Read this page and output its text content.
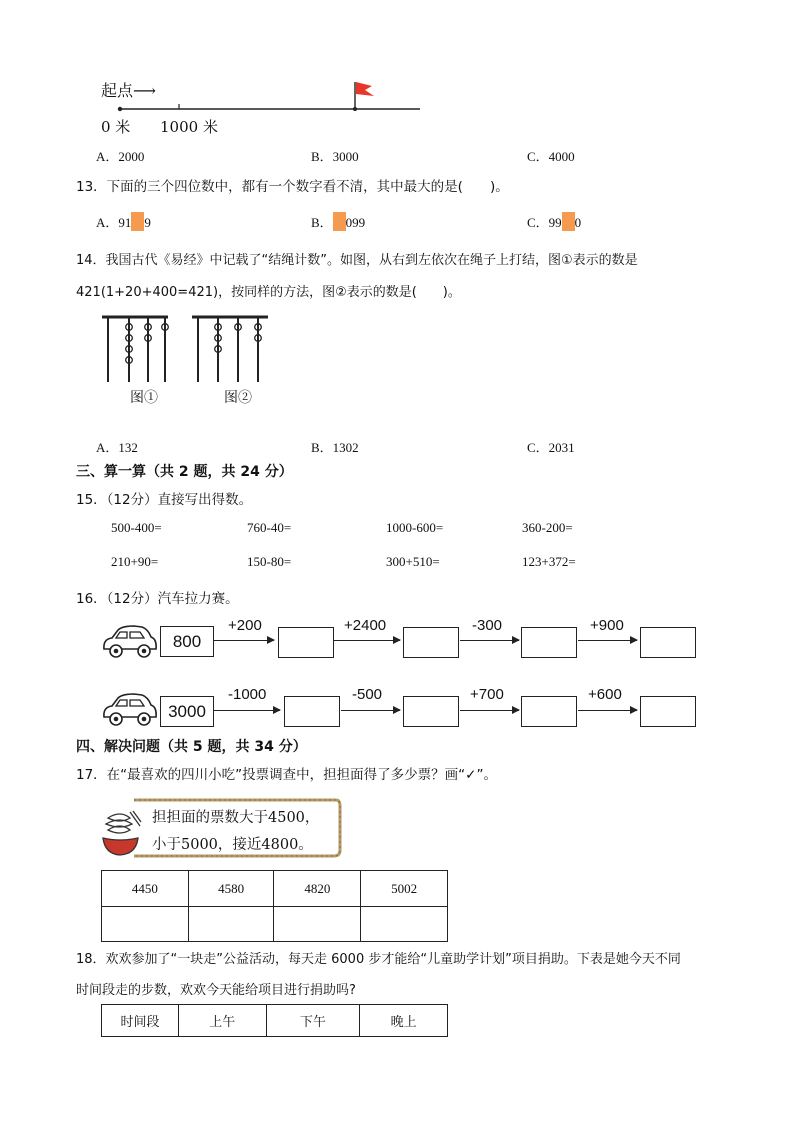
起点⟶
0 米 1000 米
A．2000	B．3000	C．4000
13．下面的三个四位数中，都有一个数字看不清，其中最大的是(　　)。
A．91 9	B． 099	C．99 0
14．我国古代《易经》中记载了“结绳计数”。如图，从右到左依次在绳子上打结，图①表示的数是
421(1+20+400=421)，按同样的方法，图②表示的数是(　　)。
图①	图②
A．132	B．1302	C．2031
三、算一算（共 2 题，共 24 分）
15．（12分）直接写出得数。
500-400=	760-40=	1000-600=	360-200=
210+90=	150-80=	300+510=	123+372=
16．（12分）汽车拉力赛。
800
+200	+2400	-300	+900
3000
-1000	-500	+700	+600
四、解决问题（共 5 题，共 34 分）
17．在“最喜欢的四川小吃”投票调查中，担担面得了多少票？画“✓”。
担担面的票数大于4500，
小于5000，接近4800。
4450	4580	4820	5002

18．欢欢参加了“一块走”公益活动，每天走 6000 步才能给“儿童助学计划”项目捐助。下表是她今天不同
时间段走的步数，欢欢今天能给项目进行捐助吗?
时间段	上午	下午	晚上
